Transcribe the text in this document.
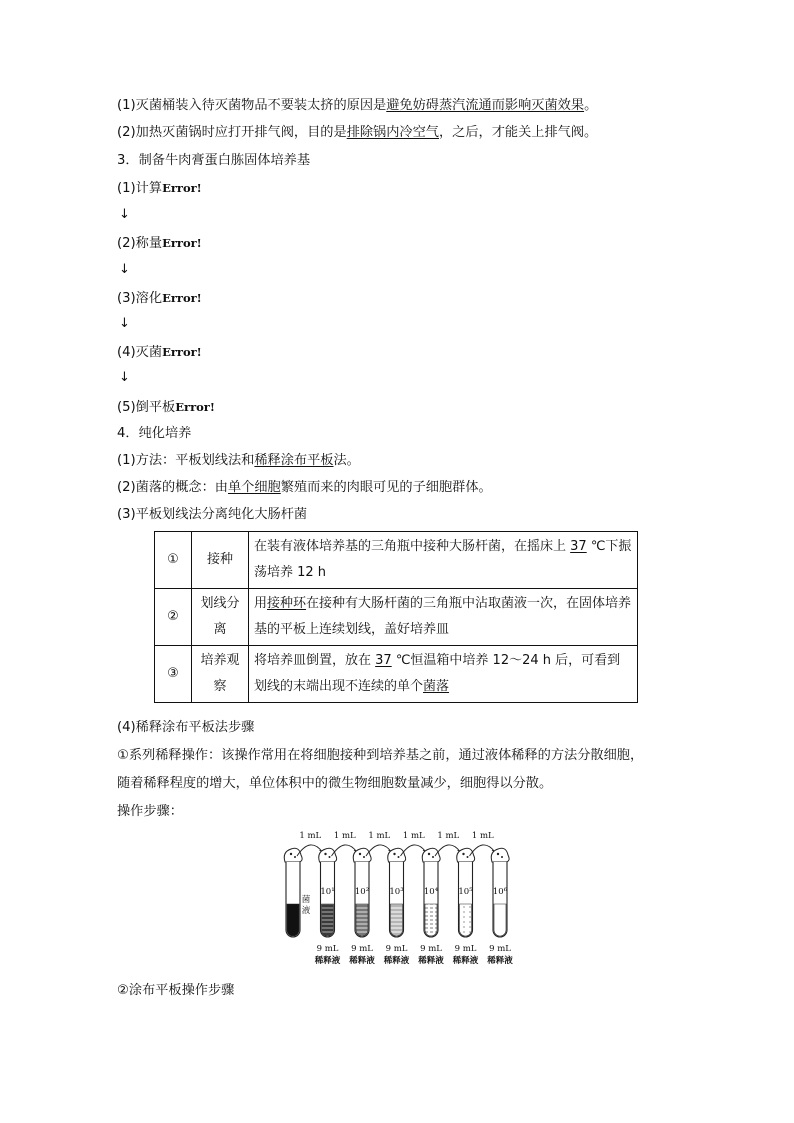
(1)灭菌桶装入待灭菌物品不要装太挤的原因是避免妨碍蒸汽流通而影响灭菌效果。
(2)加热灭菌锅时应打开排气阀，目的是排除锅内冷空气，之后，才能关上排气阀。
3．制备牛肉膏蛋白胨固体培养基
(1)计算Error!
↓
(2)称量Error!
↓
(3)溶化Error!
↓
(4)灭菌Error!
↓
(5)倒平板Error!
4．纯化培养
(1)方法：平板划线法和稀释涂布平板法。
(2)菌落的概念：由单个细胞繁殖而来的肉眼可见的子细胞群体。
(3)平板划线法分离纯化大肠杆菌
①	接种	在装有液体培养基的三角瓶中接种大肠杆菌，在摇床上 37 ℃下振荡培养 12 h
②	划线分离	用接种环在接种有大肠杆菌的三角瓶中沾取菌液一次，在固体培养基的平板上连续划线，盖好培养皿
③	培养观察	将培养皿倒置，放在 37 ℃恒温箱中培养 12～24 h 后，可看到划线的末端出现不连续的单个菌落
(4)稀释涂布平板法步骤
①系列稀释操作：该操作常用在将细胞接种到培养基之前，通过液体稀释的方法分散细胞，
随着稀释程度的增大，单位体积中的微生物细胞数量减少，细胞得以分散。
操作步骤：
菌
液
1 mL
10¹
9 mL
稀释液
1 mL
10²
9 mL
稀释液
1 mL
10³
9 mL
稀释液
1 mL
10⁴
9 mL
稀释液
1 mL
10⁵
9 mL
稀释液
1 mL
10⁶
9 mL
稀释液
②涂布平板操作步骤
